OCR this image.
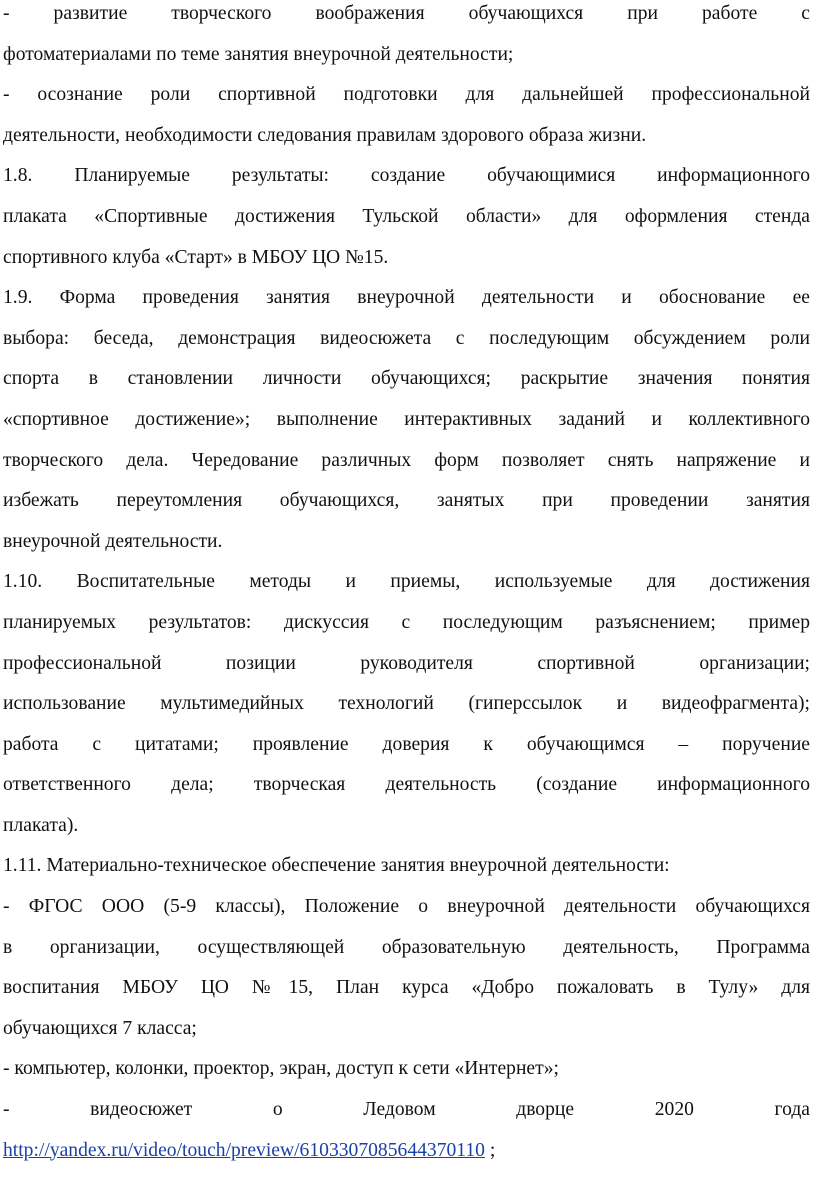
- развитие творческого воображения обучающихся при работе с
фотоматериалами по теме занятия внеурочной деятельности;
- осознание роли спортивной подготовки для дальнейшей профессиональной
деятельности, необходимости следования правилам здорового образа жизни.
1.8. Планируемые результаты: создание обучающимися информационного
плаката «Спортивные достижения Тульской области» для оформления стенда
спортивного клуба «Старт» в МБОУ ЦО №15.
1.9. Форма проведения занятия внеурочной деятельности и обоснование ее
выбора: беседа, демонстрация видеосюжета с последующим обсуждением роли
спорта в становлении личности обучающихся; раскрытие значения понятия
«спортивное достижение»; выполнение интерактивных заданий и коллективного
творческого дела. Чередование различных форм позволяет снять напряжение и
избежать переутомления обучающихся, занятых при проведении занятия
внеурочной деятельности.
1.10. Воспитательные методы и приемы, используемые для достижения
планируемых результатов: дискуссия с последующим разъяснением; пример
профессиональной позиции руководителя спортивной организации;
использование мультимедийных технологий (гиперссылок и видеофрагмента);
работа с цитатами; проявление доверия к обучающимся – поручение
ответственного дела; творческая деятельность (создание информационного
плаката).
1.11. Материально-техническое обеспечение занятия внеурочной деятельности:
- ФГОС ООО (5-9 классы), Положение о внеурочной деятельности обучающихся
в организации, осуществляющей образовательную деятельность, Программа
воспитания МБОУ ЦО №15, План курса «Добро пожаловать в Тулу» для
обучающихся 7 класса;
- компьютер, колонки, проектор, экран, доступ к сети «Интернет»;
- видеосюжет о Ледовом дворце 2020 года
http://yandex.ru/video/touch/preview/6103307085644370110 ;
